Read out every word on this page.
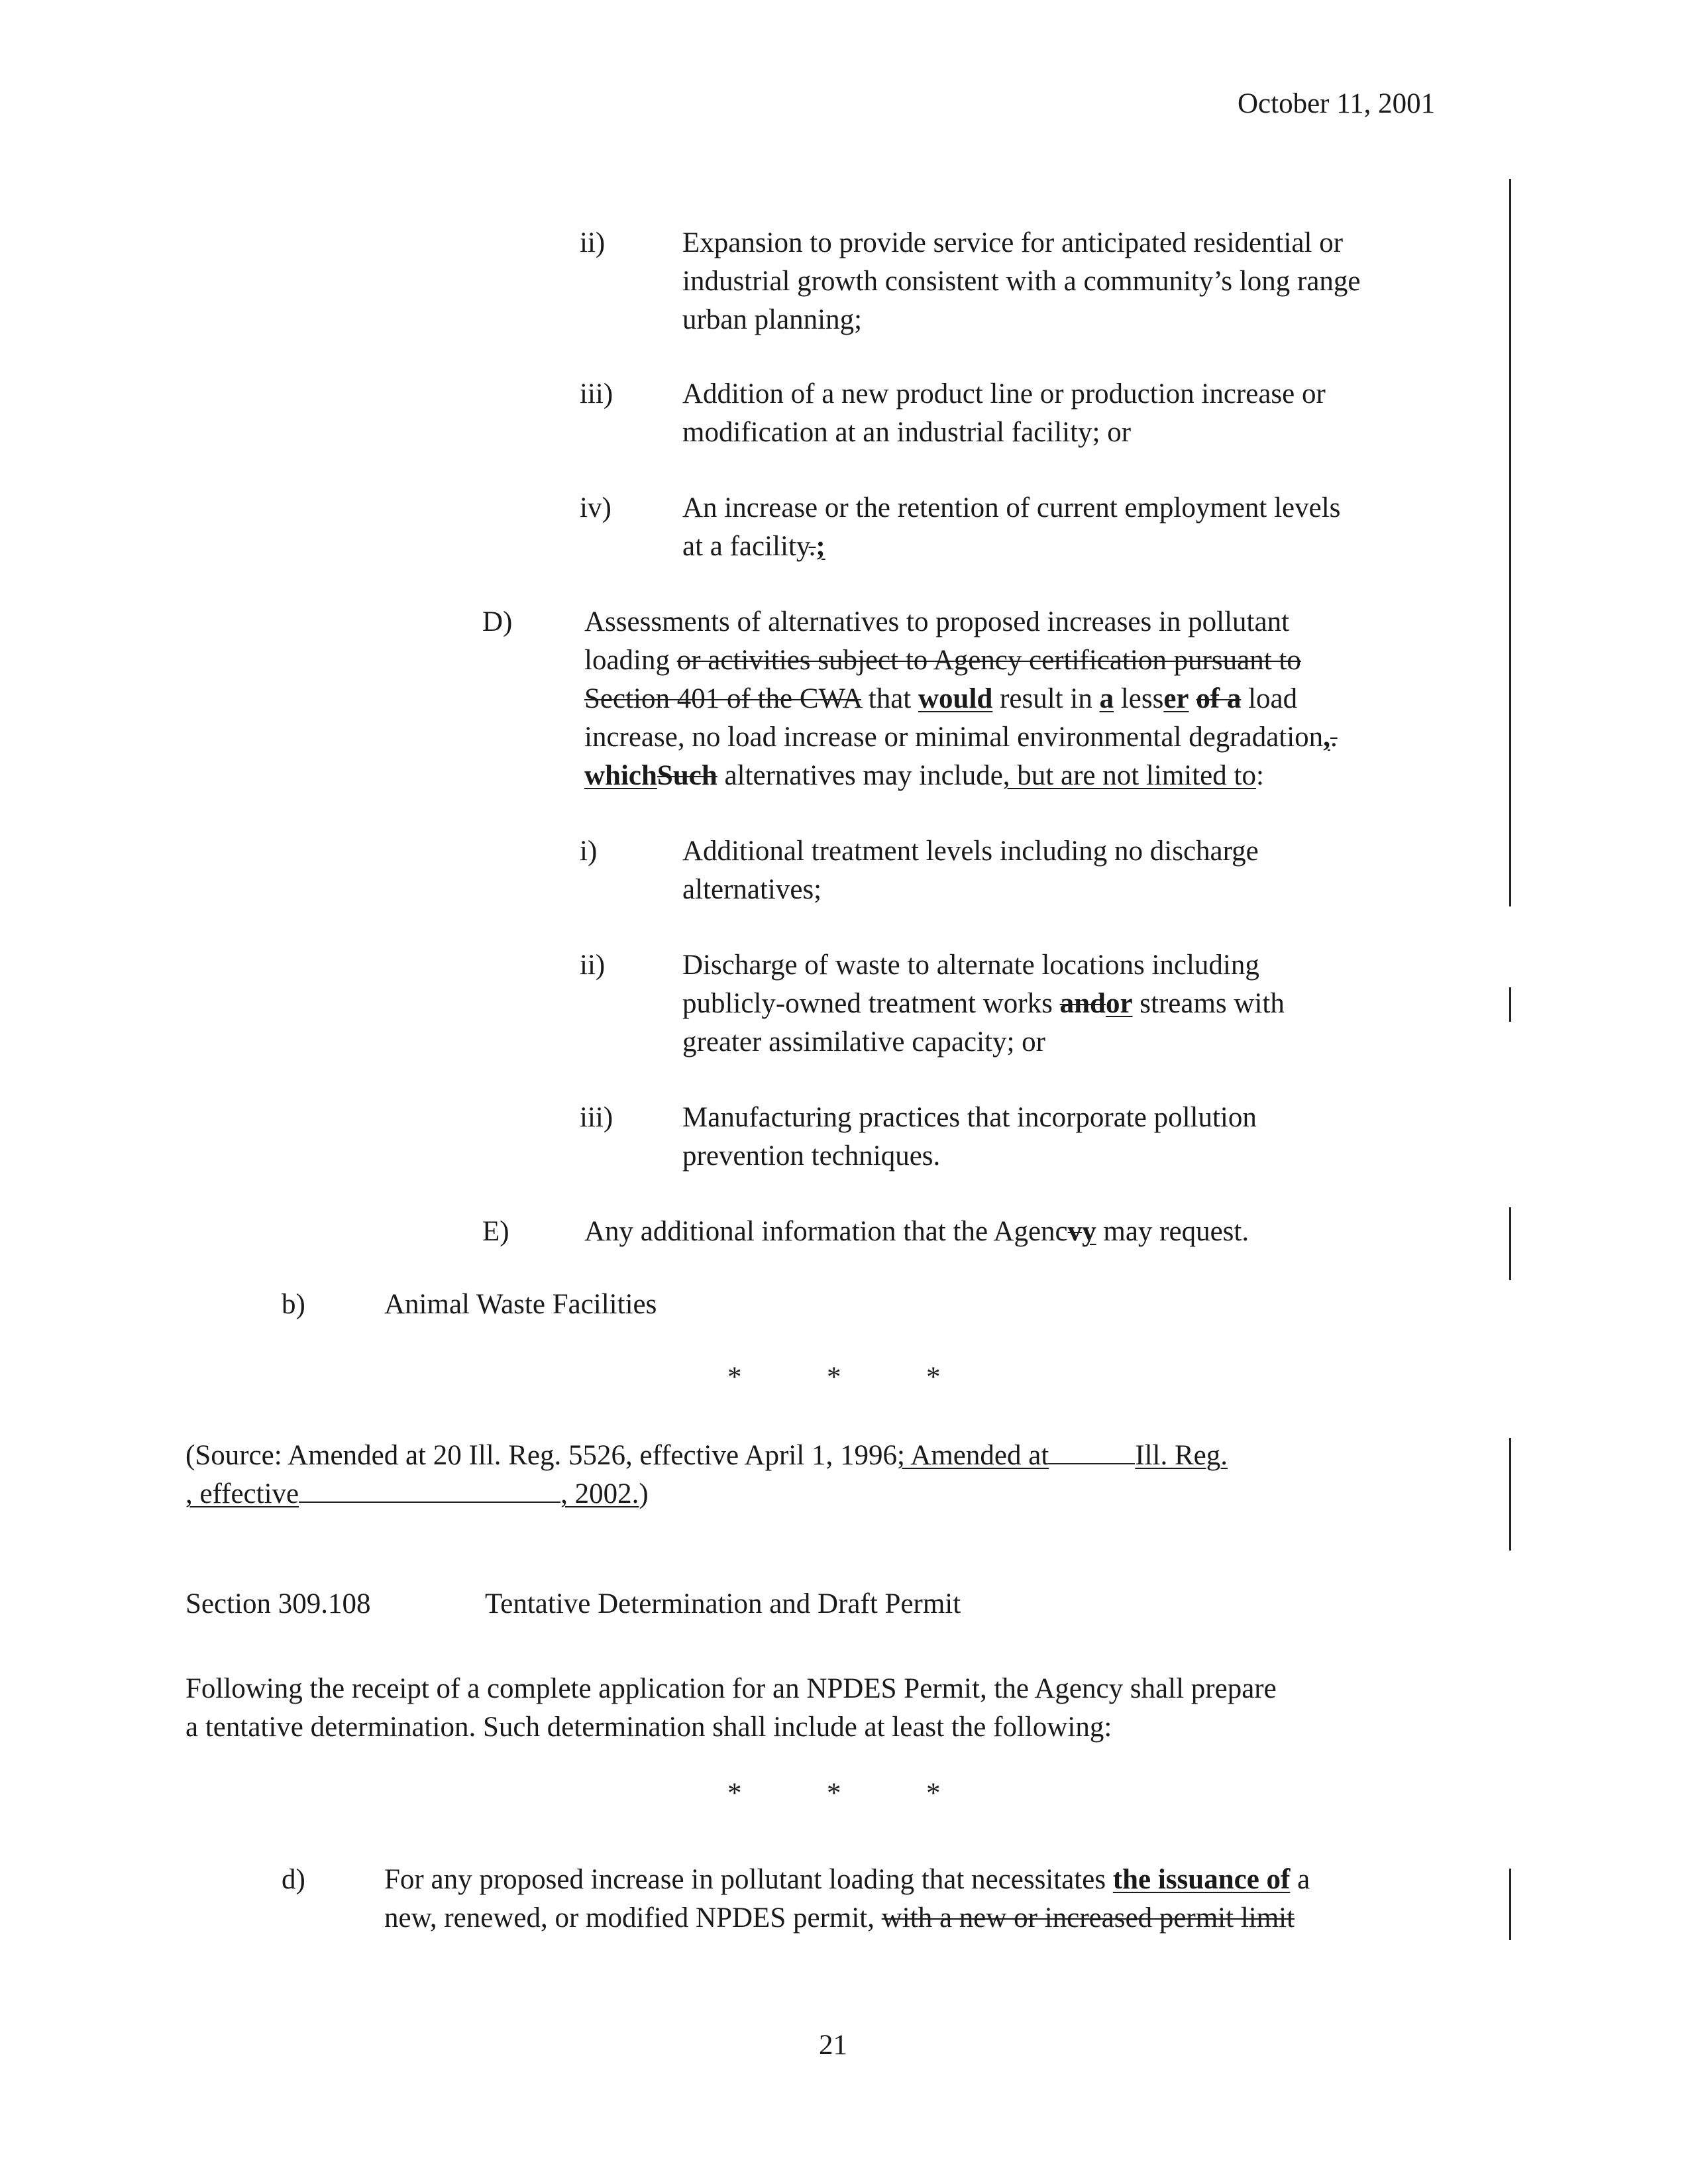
October 11, 2001
ii)	Expansion to provide service for anticipated residential or
industrial growth consistent with a community’s long range
urban planning;
iii) Addition of a new product line or production increase or
modification at an industrial facility; or
iv) An increase or the retention of current employment levels
at a facility.;
D)	Assessments of alternatives to proposed increases in pollutant
loading or activities subject to Agency certification pursuant to
Section 401 of the CWA that would result in a lesser of a load
increase, no load increase or minimal environmental degradation,.
whichSuch alternatives may include, but are not limited to:
i)	Additional treatment levels including no discharge
alternatives;
ii)	Discharge of waste to alternate locations including
publicly-owned treatment works andor streams with
greater assimilative capacity; or
iii) Manufacturing practices that incorporate pollution
prevention techniques.
E)	Any additional information that the Agencvy may request.
b)	Animal Waste Facilities
*	*	*
(Source: Amended at 20 Ill. Reg. 5526, effective April 1, 1996; Amended at	Ill. Reg.
, effective	, 2002.)
Section 309.108	Tentative Determination and Draft Permit
Following the receipt of a complete application for an NPDES Permit, the Agency shall prepare
a tentative determination. Such determination shall include at least the following:
*	*	*
d)	For any proposed increase in pollutant loading that necessitates the issuance of a
new, renewed, or modified NPDES permit, with a new or increased permit limit
21
